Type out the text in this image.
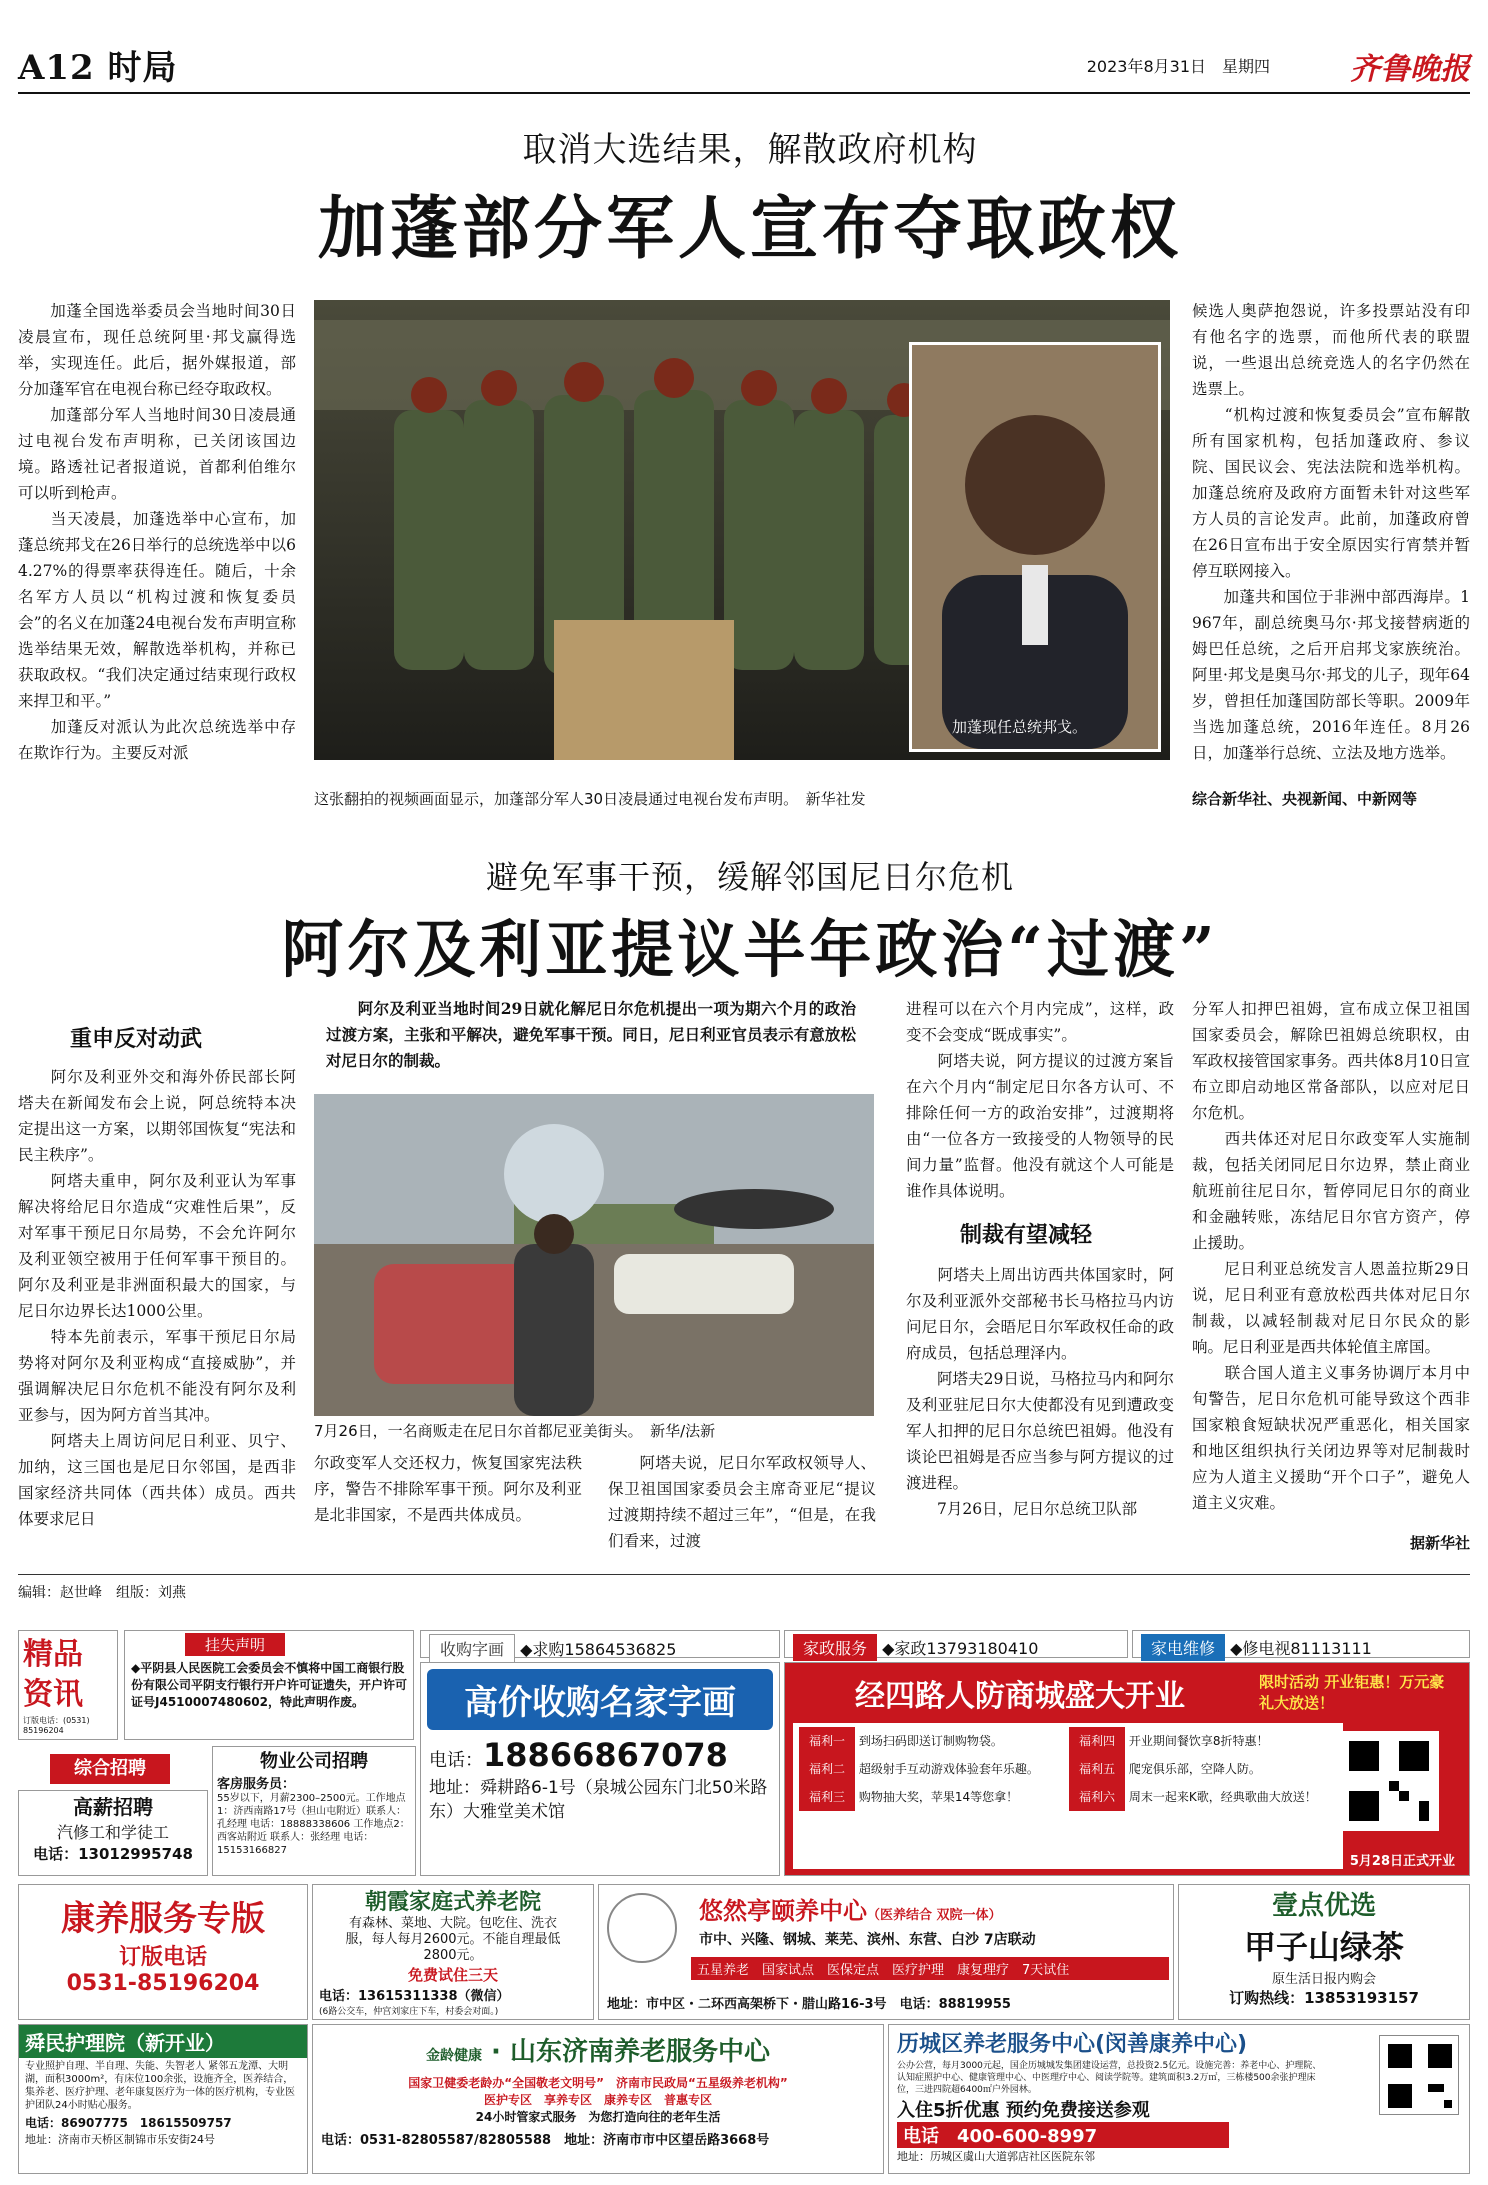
A12 时局	2023年8月31日　星期四	齐鲁晚报
取消大选结果，解散政府机构
加蓬部分军人宣布夺取政权
　　加蓬全国选举委员会当地时间30日凌晨宣布，现任总统阿里·邦戈赢得选举，实现连任。此后，据外媒报道，部分加蓬军官在电视台称已经夺取政权。
　　加蓬部分军人当地时间30日凌晨通过电视台发布声明称，已关闭该国边境。路透社记者报道说，首都利伯维尔可以听到枪声。
　　当天凌晨，加蓬选举中心宣布，加蓬总统邦戈在26日举行的总统选举中以64.27%的得票率获得连任。随后，十余名军方人员以“机构过渡和恢复委员会”的名义在加蓬24电视台发布声明宣称选举结果无效，解散选举机构，并称已获取政权。“我们决定通过结束现行政权来捍卫和平。”
　　加蓬反对派认为此次总统选举中存在欺诈行为。主要反对派
加蓬现任总统邦戈。
这张翻拍的视频画面显示，加蓬部分军人30日凌晨通过电视台发布声明。　新华社发
候选人奥萨抱怨说，许多投票站没有印有他名字的选票，而他所代表的联盟说，一些退出总统竞选人的名字仍然在选票上。
　　“机构过渡和恢复委员会”宣布解散所有国家机构，包括加蓬政府、参议院、国民议会、宪法法院和选举机构。加蓬总统府及政府方面暂未针对这些军方人员的言论发声。此前，加蓬政府曾在26日宣布出于安全原因实行宵禁并暂停互联网接入。
　　加蓬共和国位于非洲中部西海岸。1967年，副总统奥马尔·邦戈接替病逝的姆巴任总统，之后开启邦戈家族统治。阿里·邦戈是奥马尔·邦戈的儿子，现年64岁，曾担任加蓬国防部长等职。2009年当选加蓬总统，2016年连任。8月26日，加蓬举行总统、立法及地方选举。
综合新华社、央视新闻、中新网等
避免军事干预，缓解邻国尼日尔危机
阿尔及利亚提议半年政治“过渡”
重申反对动武
　　阿尔及利亚外交和海外侨民部长阿塔夫在新闻发布会上说，阿总统特本决定提出这一方案，以期邻国恢复“宪法和民主秩序”。
　　阿塔夫重申，阿尔及利亚认为军事解决将给尼日尔造成“灾难性后果”，反对军事干预尼日尔局势，不会允许阿尔及利亚领空被用于任何军事干预目的。阿尔及利亚是非洲面积最大的国家，与尼日尔边界长达1000公里。
　　特本先前表示，军事干预尼日尔局势将对阿尔及利亚构成“直接威胁”，并强调解决尼日尔危机不能没有阿尔及利亚参与，因为阿方首当其冲。
　　阿塔夫上周访问尼日利亚、贝宁、加纳，这三国也是尼日尔邻国，是西非国家经济共同体（西共体）成员。西共体要求尼日
　　阿尔及利亚当地时间29日就化解尼日尔危机提出一项为期六个月的政治过渡方案，主张和平解决，避免军事干预。同日，尼日利亚官员表示有意放松对尼日尔的制裁。
7月26日，一名商贩走在尼日尔首都尼亚美街头。　新华/法新
尔政变军人交还权力，恢复国家宪法秩序，警告不排除军事干预。阿尔及利亚是北非国家，不是西共体成员。
　　阿塔夫说，尼日尔军政权领导人、保卫祖国国家委员会主席奇亚尼“提议过渡期持续不超过三年”，“但是，在我们看来，过渡
进程可以在六个月内完成”，这样，政变不会变成“既成事实”。
　　阿塔夫说，阿方提议的过渡方案旨在六个月内“制定尼日尔各方认可、不排除任何一方的政治安排”，过渡期将由“一位各方一致接受的人物领导的民间力量”监督。他没有就这个人可能是谁作具体说明。
制裁有望减轻
　　阿塔夫上周出访西共体国家时，阿尔及利亚派外交部秘书长马格拉马内访问尼日尔，会晤尼日尔军政权任命的政府成员，包括总理泽内。
　　阿塔夫29日说，马格拉马内和阿尔及利亚驻尼日尔大使都没有见到遭政变军人扣押的尼日尔总统巴祖姆。他没有谈论巴祖姆是否应当参与阿方提议的过渡进程。
　　7月26日，尼日尔总统卫队部
分军人扣押巴祖姆，宣布成立保卫祖国国家委员会，解除巴祖姆总统职权，由军政权接管国家事务。西共体8月10日宣布立即启动地区常备部队，以应对尼日尔危机。
　　西共体还对尼日尔政变军人实施制裁，包括关闭同尼日尔边界，禁止商业航班前往尼日尔，暂停同尼日尔的商业和金融转账，冻结尼日尔官方资产，停止援助。
　　尼日利亚总统发言人恩盖拉斯29日说，尼日利亚有意放松西共体对尼日尔制裁，以减轻制裁对尼日尔民众的影响。尼日利亚是西共体轮值主席国。
　　联合国人道主义事务协调厅本月中旬警告，尼日尔危机可能导致这个西非国家粮食短缺状况严重恶化，相关国家和地区组织执行关闭边界等对尼制裁时应为人道主义援助“开个口子”，避免人道主义灾难。
据新华社
编辑：赵世峰　组版：刘燕
精品资讯
订版电话：(0531) 85196204
挂失声明
◆平阴县人民医院工会委员会不慎将中国工商银行股份有限公司平阴支行银行开户许可证遗失，开户许可证号J4510007480602，特此声明作废。
收购字画 ◆求购15864536825	家政服务 ◆家政13793180410	家电维修 ◆修电视81113111
高价收购名家字画
电话：18866867078
地址：舜耕路6-1号（泉城公园东门北50米路东）大雅堂美术馆
经四路人防商城盛大开业	限时活动 开业钜惠！万元豪礼大放送！
福利一 到场扫码即送订制购物袋。
福利二 超级射手互动游戏体验套年乐趣。
福利三 购物抽大奖，苹果14等您拿！
福利四 开业期间餐饮享8折特惠！
福利五 爬宠俱乐部，空降人防。
福利六 周末一起来K歌，经典歌曲大放送！
5月28日正式开业
综合招聘
高薪招聘
汽修工和学徒工
电话：13012995748
物业公司招聘
客房服务员：
55岁以下，月薪2300–2500元。工作地点1：济西南路17号（担山屯附近）联系人：孔经理 电话：18888338606 工作地点2：西客站附近 联系人：张经理 电话：15153166827
康养服务专版
订版电话
0531-85196204
朝霞家庭式养老院
有森林、菜地、大院。包吃住、洗衣服，每人每月2600元。不能自理最低2800元。
免费试住三天
电话：13615311338（微信）
(6路公交车，仲宫刘家庄下车，村委会对面。)
悠然亭颐养中心（医养结合 双院一体）
市中、兴隆、钢城、莱芜、滨州、东营、白沙 7店联动
五星养老　国家试点　医保定点　医疗护理　康复理疗　7天试住
地址：市中区・二环西高架桥下・腊山路16-3号　 电话：88819955
壹点优选
甲子山绿茶
原生活日报内购会
订购热线：13853193157
舜民护理院（新开业）
专业照护自理、半自理、失能、失智老人 紧邻五龙潭、大明湖，面积3000m²，有床位100余张，设施齐全，医养结合，集养老、医疗护理、老年康复医疗为一体的医疗机构，专业医护团队24小时贴心服务。
电话：86907775　18615509757
地址：济南市天桥区制锦市乐安街24号
金龄健康 · 山东济南养老服务中心
国家卫健委老龄办“全国敬老文明号”　济南市民政局“五星级养老机构”
医护专区　享养专区　康养专区　普惠专区
24小时管家式服务　为您打造向往的老年生活
电话：0531-82805587/82805588　 地址：济南市市中区望岳路3668号
历城区养老服务中心(闵善康养中心)
公办公营，每月3000元起，国企历城城发集团建设运营，总投资2.5亿元。设施完善：养老中心、护理院、认知症照护中心、健康管理中心、中医理疗中心、阅读学院等。建筑面积3.2万㎡，三栋楼500余张护理床位，三进四院超6400㎡户外园林。
入住5折优惠 预约免费接送参观
电话　 400-600-8997
地址：历城区虞山大道郭店社区医院东邻
